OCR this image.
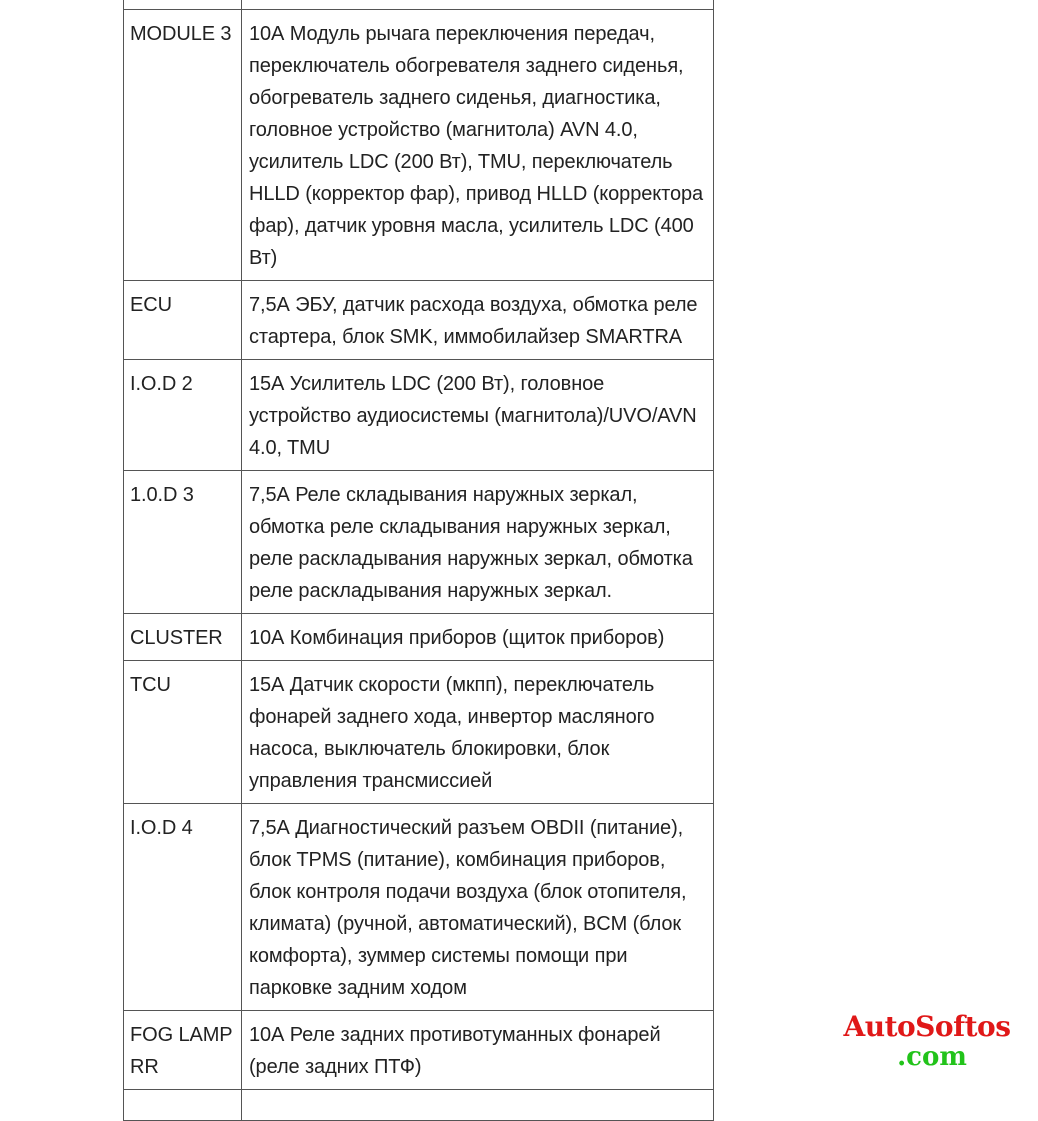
MODULE 3	10А Модуль рычага переключения передач, переключатель обогревателя заднего сиденья, обогреватель заднего сиденья, диагностика, головное устройство (магнитола) AVN 4.0, усилитель LDC (200 Вт), TMU, переключатель HLLD (корректор фар), привод HLLD (корректора фар), датчик уровня масла, усилитель LDC (400 Вт)
ECU	7,5А ЭБУ, датчик расхода воздуха, обмотка реле стартера, блок SMK, иммобилайзер SMARTRA
I.O.D 2	15А Усилитель LDC (200 Вт), головное устройство аудиосистемы (магнитола)/UVO/AVN 4.0, TMU
1.0.D 3	7,5А Реле складывания наружных зеркал, обмотка реле складывания наружных зеркал, реле раскладывания наружных зеркал, обмотка реле раскладывания наружных зеркал.
CLUSTER	10А Комбинация приборов (щиток приборов)
TCU	15А Датчик скорости (мкпп), переключатель фонарей заднего хода, инвертор масляного насоса, выключатель блокировки, блок управления трансмиссией
I.O.D 4	7,5А Диагностический разъем OBDII (питание), блок TPMS (питание), комбинация приборов, блок контроля подачи воздуха (блок отопителя, климата) (ручной, автоматический), BCM (блок комфорта), зуммер системы помощи при парковке задним ходом
FOG LAMP RR	10А Реле задних противотуманных фонарей (реле задних ПТФ)

AutoSoftos
.com
